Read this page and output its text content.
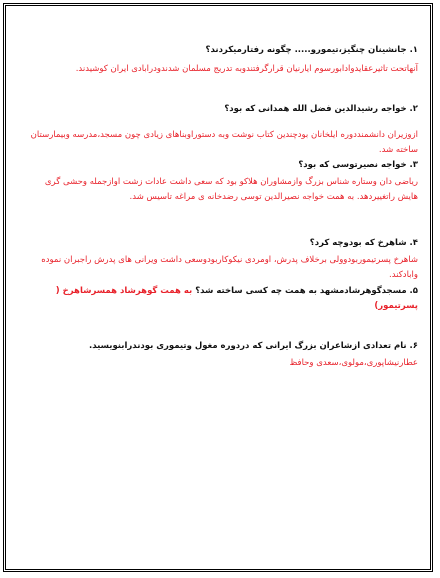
۱. جانشینان چنگیز،تیمورو..... چگونه رفتارمیکردند؟

آنهاتحت تاثیرعقایدوادابورسوم ایارنیان قرارگرفتندوبه تدریج مسلمان شدندودرابادی ایران کوشیدند.

۲. خواجه رشیدالدین فضل الله همدانی که بود؟

ازوزیران دانشمنددوره ایلخانان بودچندین کتاب نوشت وبه دستوراوبناهای زیادی چون مسجد،مدرسه وبیمارستان ساخته شد.

۳. خواجه نصیرتوسی که بود؟

ریاضی دان وستاره شناس بزرگ وازمشاوران هلاکو بود که سعی داشت عادات زشت اوازجمله وحشی گری هایش راتغییردهد. به همت خواجه نصیرالدین توسی رضدخانه ی مراغه تاسیس شد.

۴. شاهرخ که بودوچه کرد؟

شاهرخ پسرتیموربودوولی برخلاف پدرش، اومردی نیکوکاربودوسعی داشت ویرانی های پدرش راجبران نموده واباد‌کند.

۵. مسجدگوهرشادمشهد به همت چه کسی ساخته شد؟ به همت گوهرشاد همسرشاهرخ ( پسرتیمور)

۶. نام تعدادی ازشاعران بزرگ ایرانی که دردوره مغول وتیموری بودندرابنویسید.

عطارنیشاپوری،مولوی،سعدی وحافظ
